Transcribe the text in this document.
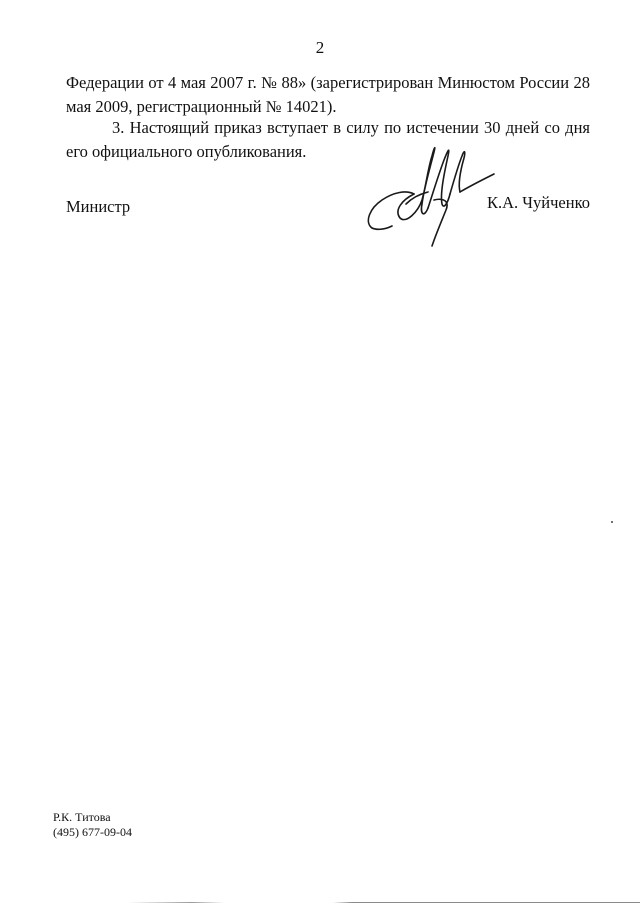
2
Федерации от 4 мая 2007 г. № 88» (зарегистрирован Минюстом России 28 мая 2009, регистрационный № 14021).
3. Настоящий приказ вступает в силу по истечении 30 дней со дня его официального опубликования.
Министр	К.А. Чуйченко
Р.К. Титова
(495) 677-09-04
